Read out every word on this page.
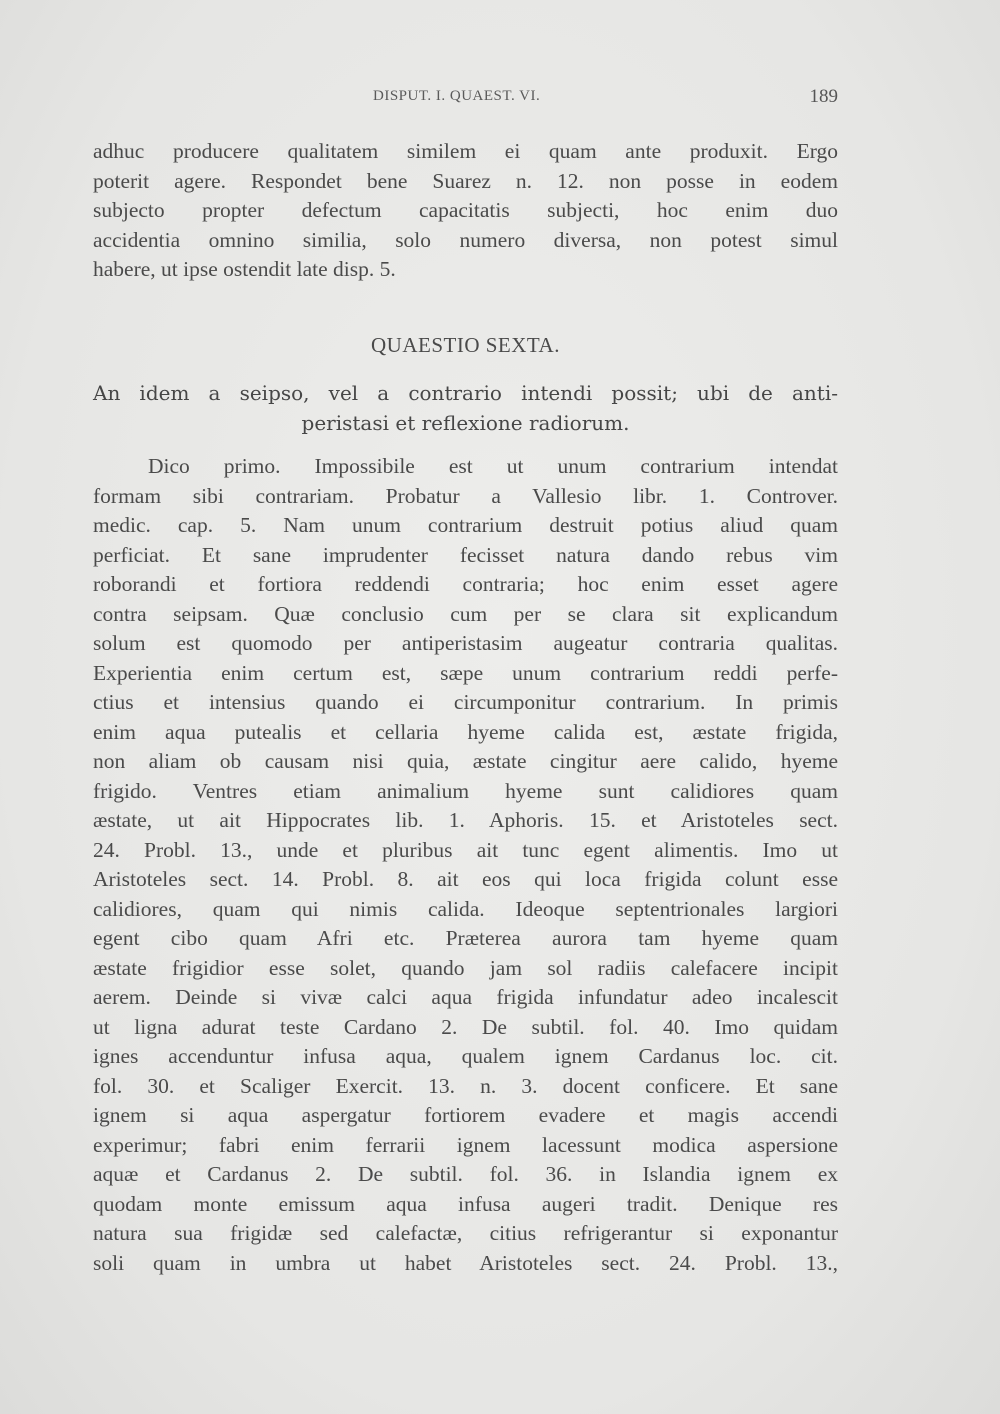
DISPUT. I. QUAEST. VI.	189
adhuc producere qualitatem similem ei quam ante produxit. Ergo
poterit agere. Respondet bene Suarez n. 12. non posse in eodem
subjecto propter defectum capacitatis subjecti, hoc enim duo
accidentia omnino similia, solo numero diversa, non potest simul
habere, ut ipse ostendit late disp. 5.
QUAESTIO SEXTA.
An idem a seipso, vel a contrario intendi possit; ubi de anti-
peristasi et reflexione radiorum.
Dico primo. Impossibile est ut unum contrarium intendat
formam sibi contrariam. Probatur a Vallesio libr. 1. Controver.
medic. cap. 5. Nam unum contrarium destruit potius aliud quam
perficiat. Et sane imprudenter fecisset natura dando rebus vim
roborandi et fortiora reddendi contraria; hoc enim esset agere
contra seipsam. Quæ conclusio cum per se clara sit explicandum
solum est quomodo per antiperistasim augeatur contraria qualitas.
Experientia enim certum est, sæpe unum contrarium reddi perfe-
ctius et intensius quando ei circumponitur contrarium. In primis
enim aqua putealis et cellaria hyeme calida est, æstate frigida,
non aliam ob causam nisi quia, æstate cingitur aere calido, hyeme
frigido. Ventres etiam animalium hyeme sunt calidiores quam
æstate, ut ait Hippocrates lib. 1. Aphoris. 15. et Aristoteles sect.
24. Probl. 13., unde et pluribus ait tunc egent alimentis. Imo ut
Aristoteles sect. 14. Probl. 8. ait eos qui loca frigida colunt esse
calidiores, quam qui nimis calida. Ideoque septentrionales largiori
egent cibo quam Afri etc. Præterea aurora tam hyeme quam
æstate frigidior esse solet, quando jam sol radiis calefacere incipit
aerem. Deinde si vivæ calci aqua frigida infundatur adeo incalescit
ut ligna adurat teste Cardano 2. De subtil. fol. 40. Imo quidam
ignes accenduntur infusa aqua, qualem ignem Cardanus loc. cit.
fol. 30. et Scaliger Exercit. 13. n. 3. docent conficere. Et sane
ignem si aqua aspergatur fortiorem evadere et magis accendi
experimur; fabri enim ferrarii ignem lacessunt modica aspersione
aquæ et Cardanus 2. De subtil. fol. 36. in Islandia ignem ex
quodam monte emissum aqua infusa augeri tradit. Denique res
natura sua frigidæ sed calefactæ, citius refrigerantur si exponantur
soli quam in umbra ut habet Aristoteles sect. 24. Probl. 13.,
